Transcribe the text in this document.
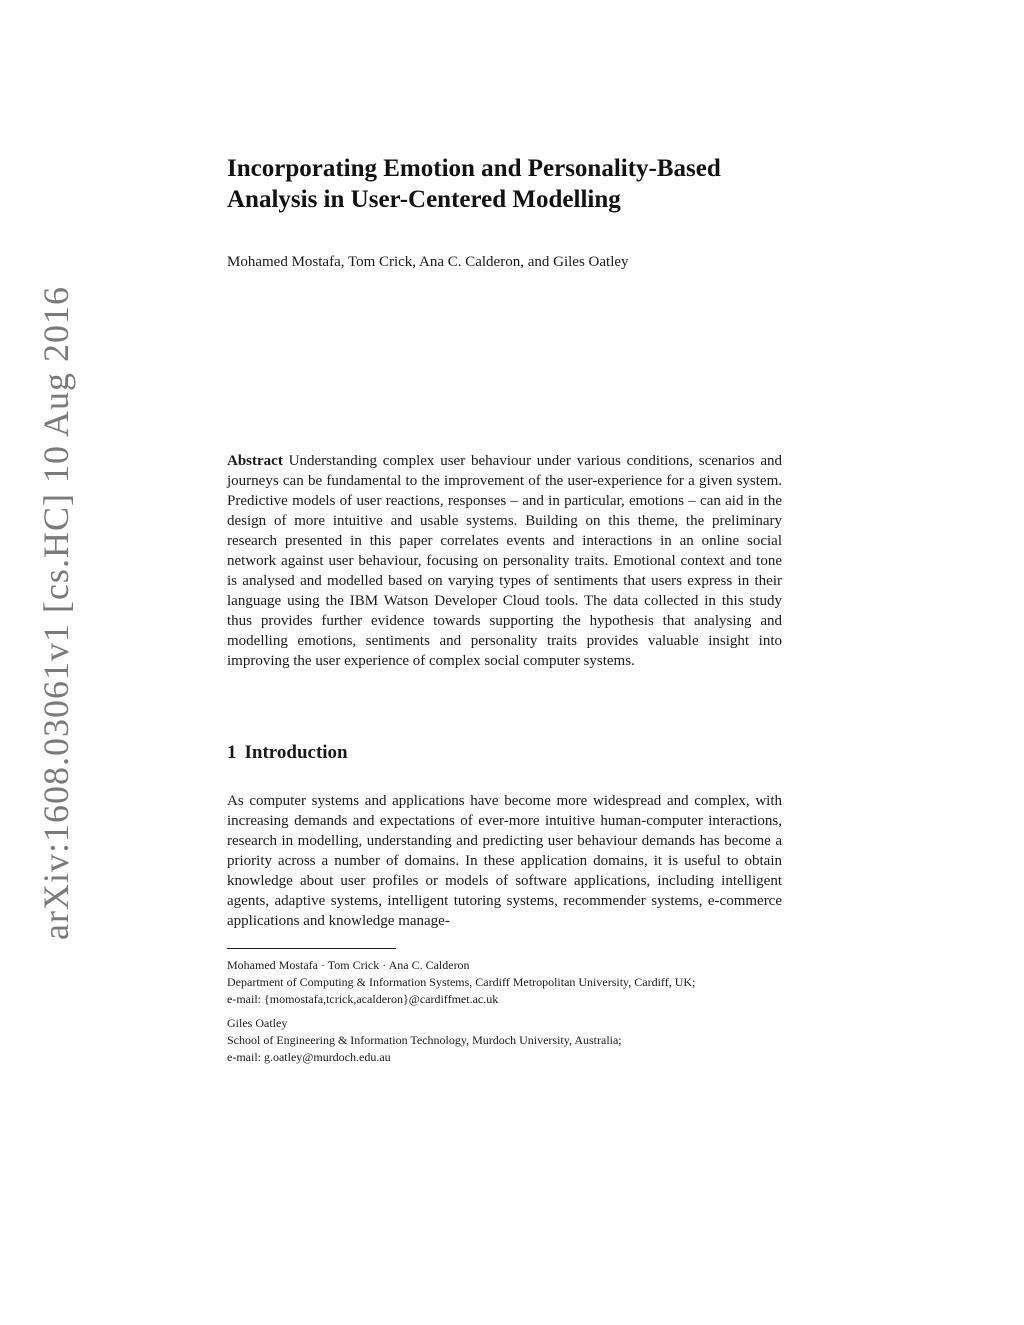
arXiv:1608.03061v1 [cs.HC] 10 Aug 2016
Incorporating Emotion and Personality-Based
Analysis in User-Centered Modelling
Mohamed Mostafa, Tom Crick, Ana C. Calderon, and Giles Oatley

Abstract Understanding complex user behaviour under various conditions, scenarios and journeys can be fundamental to the improvement of the user-experience for a given system. Predictive models of user reactions, responses – and in particular, emotions – can aid in the design of more intuitive and usable systems. Building on this theme, the preliminary research presented in this paper correlates events and interactions in an online social network against user behaviour, focusing on personality traits. Emotional context and tone is analysed and modelled based on varying types of sentiments that users express in their language using the IBM Watson Developer Cloud tools. The data collected in this study thus provides further evidence towards supporting the hypothesis that analysing and modelling emotions, sentiments and personality traits provides valuable insight into improving the user experience of complex social computer systems.

1 Introduction

As computer systems and applications have become more widespread and complex, with increasing demands and expectations of ever-more intuitive human-computer interactions, research in modelling, understanding and predicting user behaviour demands has become a priority across a number of domains. In these application domains, it is useful to obtain knowledge about user profiles or models of software applications, including intelligent agents, adaptive systems, intelligent tutoring systems, recommender systems, e-commerce applications and knowledge manage-

Mohamed Mostafa · Tom Crick · Ana C. Calderon
Department of Computing & Information Systems, Cardiff Metropolitan University, Cardiff, UK;
e-mail: {momostafa,tcrick,acalderon}@cardiffmet.ac.uk
Giles Oatley
School of Engineering & Information Technology, Murdoch University, Australia;
e-mail: g.oatley@murdoch.edu.au
